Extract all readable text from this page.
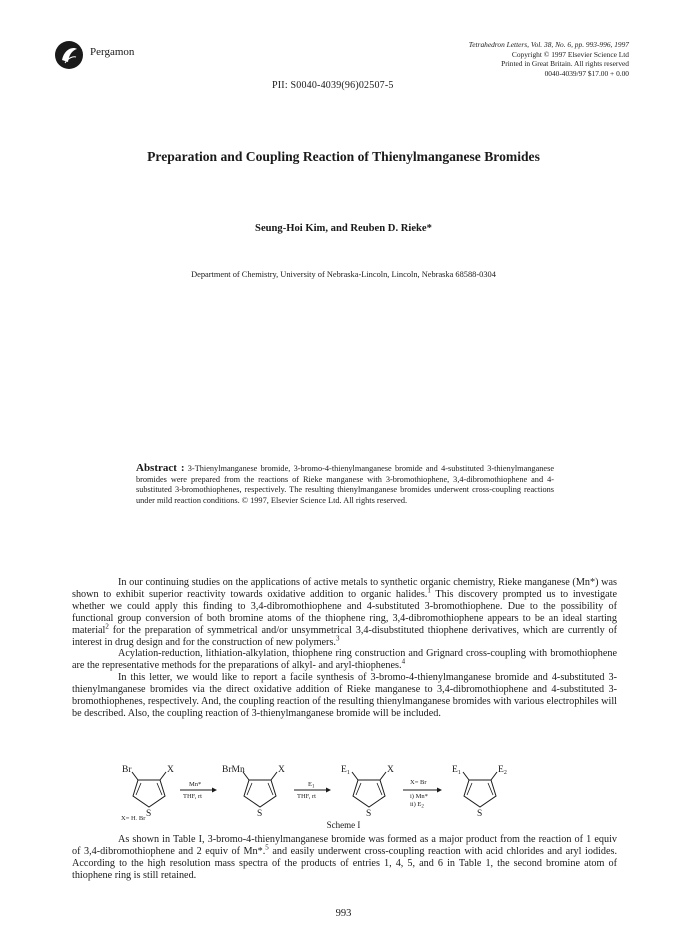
Pergamon
Tetrahedron Letters, Vol. 38, No. 6, pp. 993-996, 1997
Copyright © 1997 Elsevier Science Ltd
Printed in Great Britain. All rights reserved
0040-4039/97 $17.00 + 0.00
PII: S0040-4039(96)02507-5
Preparation and Coupling Reaction of Thienylmanganese Bromides
Seung-Hoi Kim, and Reuben D. Rieke*
Department of Chemistry, University of Nebraska-Lincoln, Lincoln, Nebraska 68588-0304
Abstract : 3-Thienylmanganese bromide, 3-bromo-4-thienylmanganese bromide and 4-substituted 3-thienylmanganese bromides were prepared from the reactions of Rieke manganese with 3-bromothiophene, 3,4-dibromothiophene and 4-substituted 3-bromothiophenes, respectively. The resulting thienylmanganese bromides underwent cross-coupling reactions under mild reaction conditions. © 1997, Elsevier Science Ltd. All rights reserved.

In our continuing studies on the applications of active metals to synthetic organic chemistry, Rieke manganese (Mn*) was shown to exhibit superior reactivity towards oxidative addition to organic halides.$^1$ This discovery prompted us to investigate whether we could apply this finding to 3,4-dibromothiophene and 4-substituted 3-bromothiophene. Due to the possibility of functional group conversion of both bromine atoms of the thiophene ring, 3,4-dibromothiophene appears to be an ideal starting material$^2$ for the preparation of symmetrical and/or unsymmetrical 3,4-disubstituted thiophene derivatives, which are currently of interest in drug design and for the construction of new polymers.$^3$

Acylation-reduction, lithiation-alkylation, thiophene ring construction and Grignard cross-coupling with bromothiophene are the representative methods for the preparations of alkyl- and aryl-thiophenes.$^4$

In this letter, we would like to report a facile synthesis of 3-bromo-4-thienylmanganese bromide and 4-substituted 3-thienylmanganese bromides via the direct oxidative addition of Rieke manganese to 3,4-dibromothiophene and 4-substituted 3-bromothiophenes, respectively. And, the coupling reaction of the resulting thienylmanganese bromides with various electrophiles will be described. Also, the coupling reaction of 3-thienylmanganese bromide will be included.

Br	X
S
X= H, Br
Mn*
THF, rt
BrMn	X
S
$E_1$
THF, rt
$E_1$	X
S
X= Br
i) Mn*
ii) $E_2$
$E_1$	$E_2$
S
Scheme I

As shown in Table I, 3-bromo-4-thienylmanganese bromide was formed as a major product from the reaction of 1 equiv of 3,4-dibromothiophene and 2 equiv of Mn*.$^5$ and easily underwent cross-coupling reaction with acid chlorides and aryl iodides. According to the high resolution mass spectra of the products of entries 1, 4, 5, and 6 in Table 1, the second bromine atom of thiophene ring is still retained.

993
